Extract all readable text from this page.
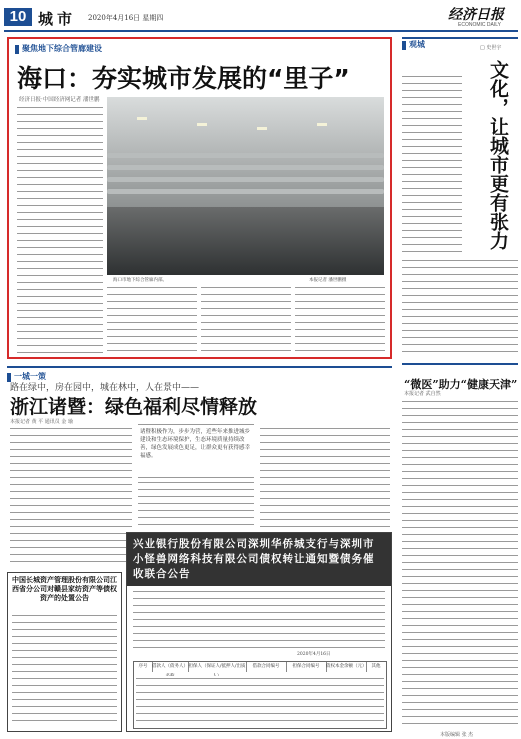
10 城市 2020年4月16日 星期四	经济日报
ECONOMIC DAILY
聚焦地下综合管廊建设
海口：夯实城市发展的“里子”
经济日报·中国经济网记者 潘世鹏
海口市地下综合管廊内部。	本报记者 潘世鹏摄
观城	□ 史世宇
文化，让城市更有张力
“微医”助力“健康天津”
本报记者 武自然
本版编辑 张 杰
一城一策
路在绿中，房在园中，城在林中，人在景中——
浙江诸暨：绿色福利尽情释放
本报记者 黄 平 通讯员 金 瑜
诸暨积极作为，步步为营，近些年来推进城乡建设和生态环境保护，生态环境质量持续改善，绿色发展成色更足，让群众更有获得感幸福感。
中国长城资产管理股份有限公司江西省分公司对赣县家纺资产等债权资产的处置公告
兴业银行股份有限公司深圳华侨城支行与深圳市小怪兽网络科技有限公司债权转让通知暨债务催收联合公告
2020年4月16日
序号	借款人（债务人） 担保人（保证人/抵押人/出质	借款合同编号	担保合同编号	债权本金余额（元）	其他
